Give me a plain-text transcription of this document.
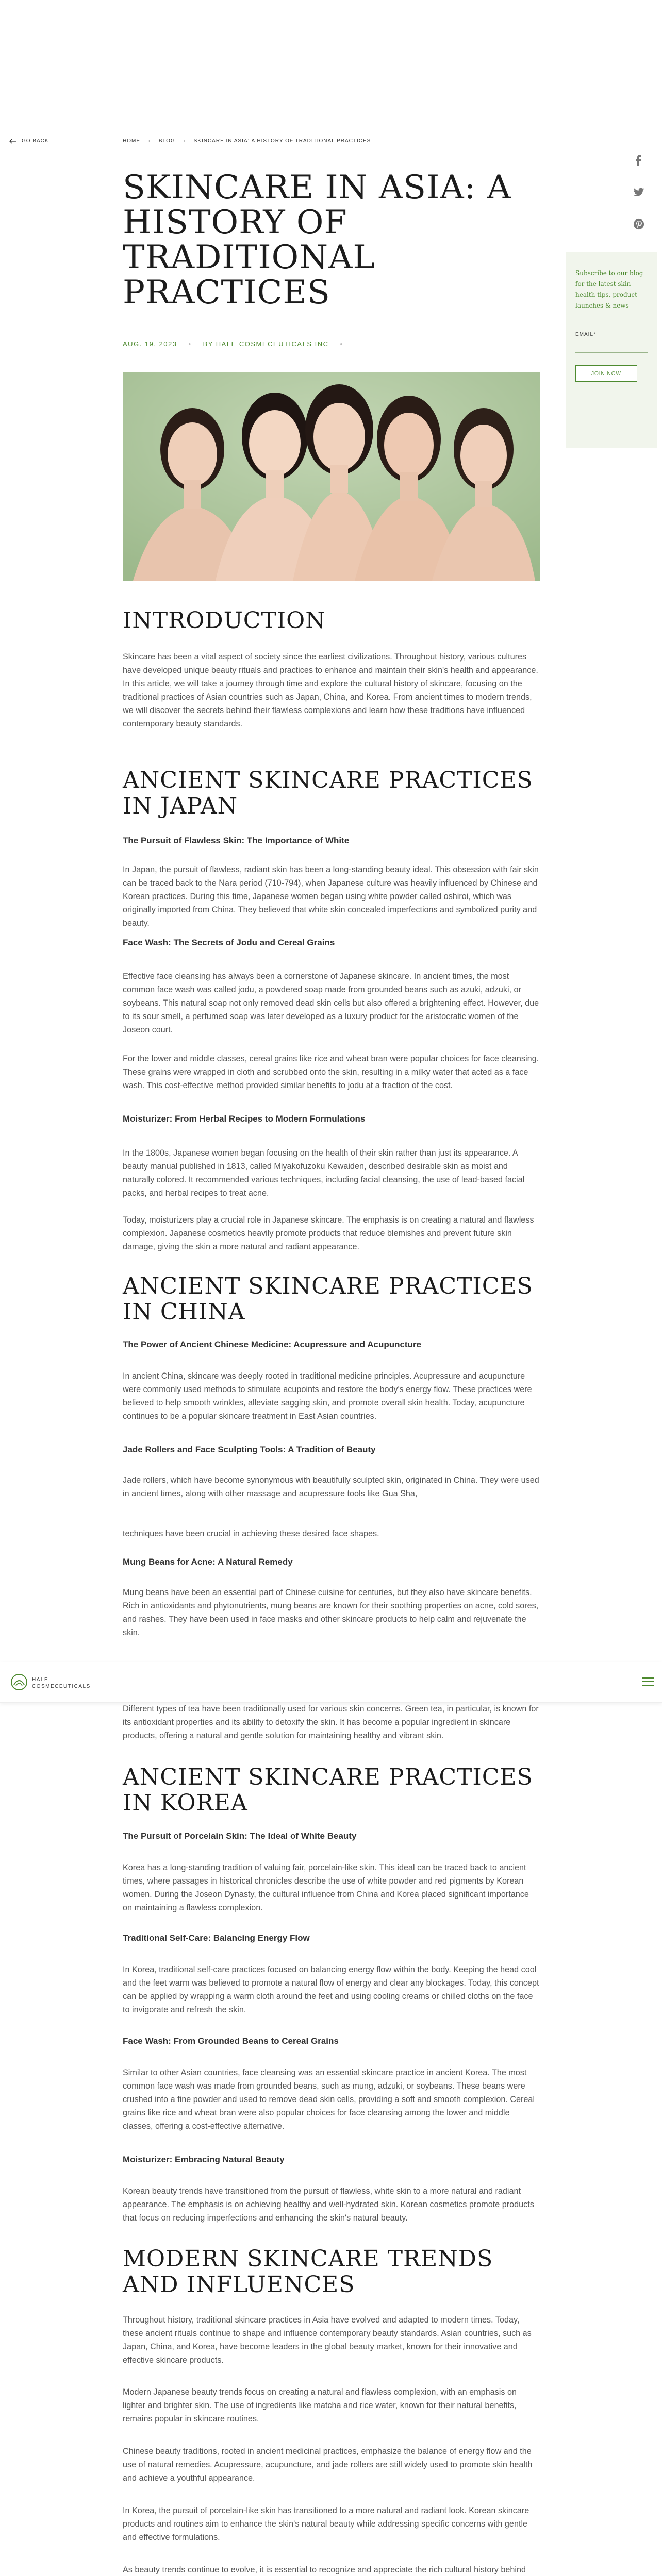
GO BACK	HOME › BLOG › SKINCARE IN ASIA: A HISTORY OF TRADITIONAL PRACTICES
SKINCARE IN ASIA: A HISTORY OF TRADITIONAL PRACTICES
AUG. 19, 2023 • BY HALE COSMECEUTICALS INC •
Subscribe to our blog for the latest skin health tips, product launches & news
EMAIL*
JOIN NOW
INTRODUCTION

Skincare has been a vital aspect of society since the earliest civilizations. Throughout history, various cultures have developed unique beauty rituals and practices to enhance and maintain their skin's health and appearance. In this article, we will take a journey through time and explore the cultural history of skincare, focusing on the traditional practices of Asian countries such as Japan, China, and Korea. From ancient times to modern trends, we will discover the secrets behind their flawless complexions and learn how these traditions have influenced contemporary beauty standards.

ANCIENT SKINCARE PRACTICES IN JAPAN
The Pursuit of Flawless Skin: The Importance of White

In Japan, the pursuit of flawless, radiant skin has been a long-standing beauty ideal. This obsession with fair skin can be traced back to the Nara period (710-794), when Japanese culture was heavily influenced by Chinese and Korean practices. During this time, Japanese women began using white powder called oshiroi, which was originally imported from China. They believed that white skin concealed imperfections and symbolized purity and beauty.

Face Wash: The Secrets of Jodu and Cereal Grains

Effective face cleansing has always been a cornerstone of Japanese skincare. In ancient times, the most common face wash was called jodu, a powdered soap made from grounded beans such as azuki, adzuki, or soybeans. This natural soap not only removed dead skin cells but also offered a brightening effect. However, due to its sour smell, a perfumed soap was later developed as a luxury product for the aristocratic women of the Joseon court.

For the lower and middle classes, cereal grains like rice and wheat bran were popular choices for face cleansing. These grains were wrapped in cloth and scrubbed onto the skin, resulting in a milky water that acted as a face wash. This cost-effective method provided similar benefits to jodu at a fraction of the cost.

Moisturizer: From Herbal Recipes to Modern Formulations

In the 1800s, Japanese women began focusing on the health of their skin rather than just its appearance. A beauty manual published in 1813, called Miyakofuzoku Kewaiden, described desirable skin as moist and naturally colored. It recommended various techniques, including facial cleansing, the use of lead-based facial packs, and herbal recipes to treat acne.

Today, moisturizers play a crucial role in Japanese skincare. The emphasis is on creating a natural and flawless complexion. Japanese cosmetics heavily promote products that reduce blemishes and prevent future skin damage, giving the skin a more natural and radiant appearance.

ANCIENT SKINCARE PRACTICES IN CHINA
The Power of Ancient Chinese Medicine: Acupressure and Acupuncture

In ancient China, skincare was deeply rooted in traditional medicine principles. Acupressure and acupuncture were commonly used methods to stimulate acupoints and restore the body's energy flow. These practices were believed to help smooth wrinkles, alleviate sagging skin, and promote overall skin health. Today, acupuncture continues to be a popular skincare treatment in East Asian countries.

Jade Rollers and Face Sculpting Tools: A Tradition of Beauty

Jade rollers, which have become synonymous with beautifully sculpted skin, originated in China. They were used in ancient times, along with other massage and acupressure tools like Gua Sha,

techniques have been crucial in achieving these desired face shapes.

Mung Beans for Acne: A Natural Remedy

Mung beans have been an essential part of Chinese cuisine for centuries, but they also have skincare benefits. Rich in antioxidants and phytonutrients, mung beans are known for their soothing properties on acne, cold sores, and rashes. They have been used in face masks and other skincare products to help calm and rejuvenate the skin.

Different types of tea have been traditionally used for various skin concerns. Green tea, in particular, is known for its antioxidant properties and its ability to detoxify the skin. It has become a popular ingredient in skincare products, offering a natural and gentle solution for maintaining healthy and vibrant skin.

ANCIENT SKINCARE PRACTICES IN KOREA
The Pursuit of Porcelain Skin: The Ideal of White Beauty

Korea has a long-standing tradition of valuing fair, porcelain-like skin. This ideal can be traced back to ancient times, where passages in historical chronicles describe the use of white powder and red pigments by Korean women. During the Joseon Dynasty, the cultural influence from China and Korea placed significant importance on maintaining a flawless complexion.

Traditional Self-Care: Balancing Energy Flow

In Korea, traditional self-care practices focused on balancing energy flow within the body. Keeping the head cool and the feet warm was believed to promote a natural flow of energy and clear any blockages. Today, this concept can be applied by wrapping a warm cloth around the feet and using cooling creams or chilled cloths on the face to invigorate and refresh the skin.

Face Wash: From Grounded Beans to Cereal Grains

Similar to other Asian countries, face cleansing was an essential skincare practice in ancient Korea. The most common face wash was made from grounded beans, such as mung, adzuki, or soybeans. These beans were crushed into a fine powder and used to remove dead skin cells, providing a soft and smooth complexion. Cereal grains like rice and wheat bran were also popular choices for face cleansing among the lower and middle classes, offering a cost-effective alternative.

Moisturizer: Embracing Natural Beauty

Korean beauty trends have transitioned from the pursuit of flawless, white skin to a more natural and radiant appearance. The emphasis is on achieving healthy and well-hydrated skin. Korean cosmetics promote products that focus on reducing imperfections and enhancing the skin's natural beauty.

MODERN SKINCARE TRENDS AND INFLUENCES

Throughout history, traditional skincare practices in Asia have evolved and adapted to modern times. Today, these ancient rituals continue to shape and influence contemporary beauty standards. Asian countries, such as Japan, China, and Korea, have become leaders in the global beauty market, known for their innovative and effective skincare products.

Modern Japanese beauty trends focus on creating a natural and flawless complexion, with an emphasis on lighter and brighter skin. The use of ingredients like matcha and rice water, known for their natural benefits, remains popular in skincare routines.

Chinese beauty traditions, rooted in ancient medicinal practices, emphasize the balance of energy flow and the use of natural remedies. Acupressure, acupuncture, and jade rollers are still widely used to promote skin health and achieve a youthful appearance.

In Korea, the pursuit of porcelain-like skin has transitioned to a more natural and radiant look. Korean skincare products and routines aim to enhance the skin's natural beauty while addressing specific concerns with gentle and effective formulations.

As beauty trends continue to evolve, it is essential to recognize and appreciate the rich cultural history behind

HALE
COSMECEUTICALS
